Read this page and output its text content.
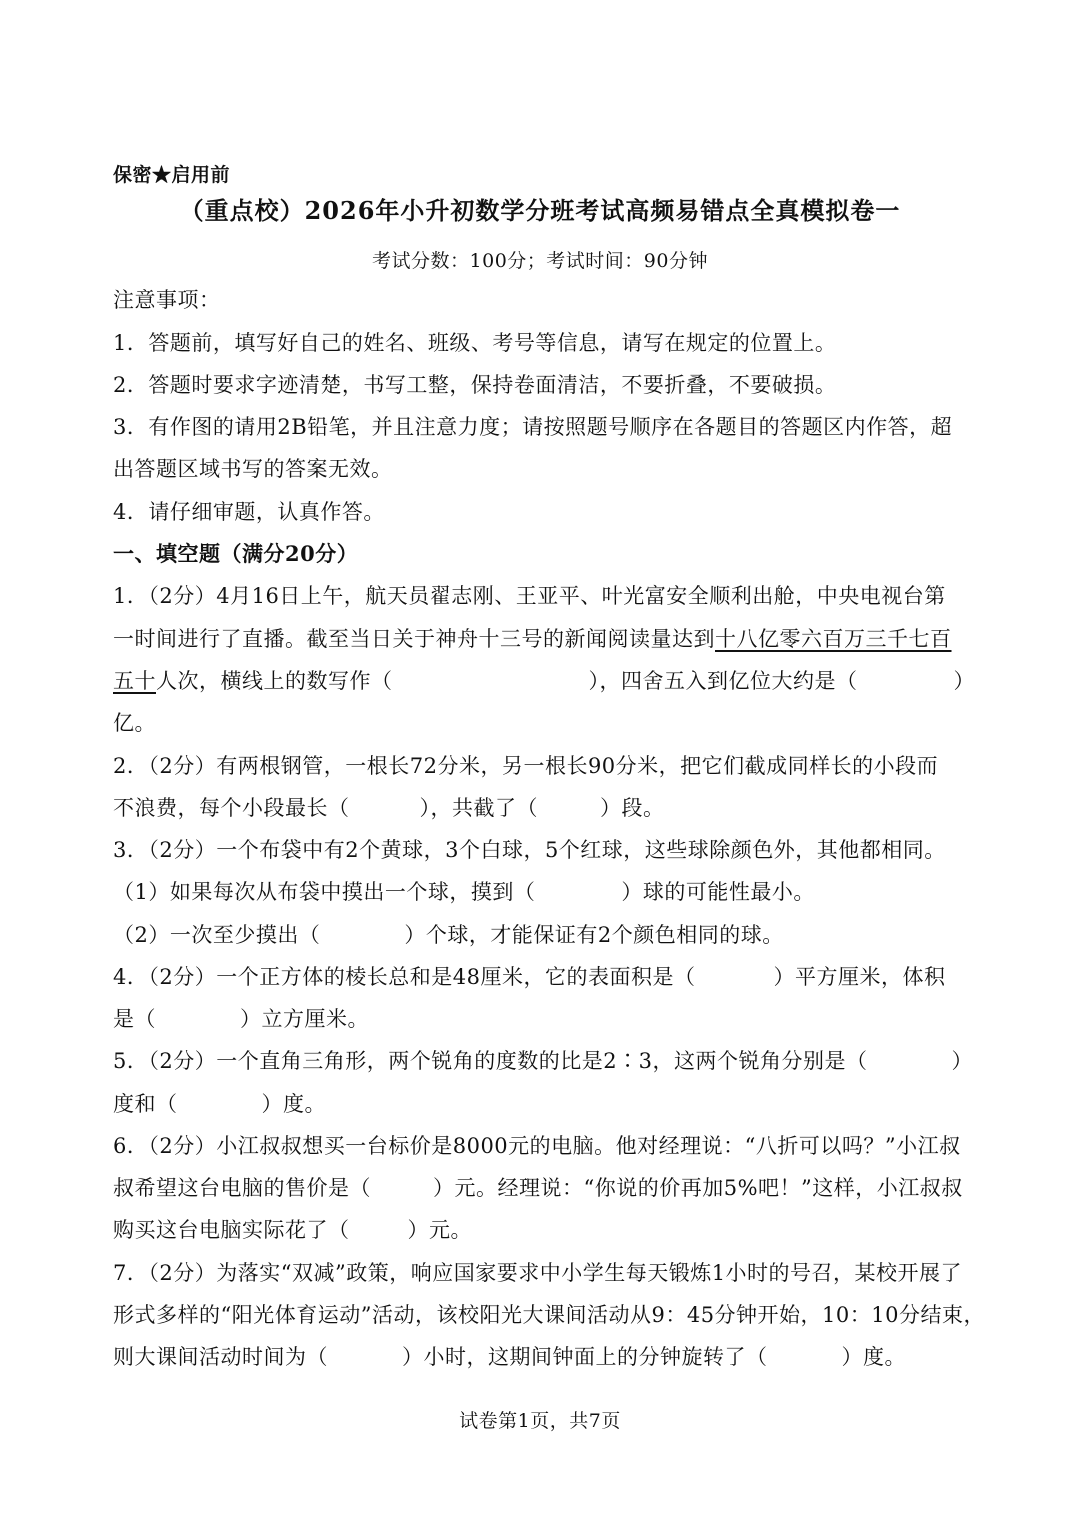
保密★启用前
（重点校）2026年小升初数学分班考试高频易错点全真模拟卷一
考试分数：100分；考试时间：90分钟
注意事项：
1．答题前，填写好自己的姓名、班级、考号等信息，请写在规定的位置上。
2．答题时要求字迹清楚，书写工整，保持卷面清洁，不要折叠，不要破损。
3．有作图的请用2B铅笔，并且注意力度；请按照题号顺序在各题目的答题区内作答，超
出答题区域书写的答案无效。
4．请仔细审题，认真作答。
一、填空题（满分20分）
1．（2分）4月16日上午，航天员翟志刚、王亚平、叶光富安全顺利出舱，中央电视台第
一时间进行了直播。截至当日关于神舟十三号的新闻阅读量达到十八亿零六百万三千七百
五十人次，横线上的数写作（	），四舍五入到亿位大约是（	）
亿。
2．（2分）有两根钢管，一根长72分米，另一根长90分米，把它们截成同样长的小段而
不浪费，每个小段最长（	），共截了（	）段。
3．（2分）一个布袋中有2个黄球，3个白球，5个红球，这些球除颜色外，其他都相同。
（1）如果每次从布袋中摸出一个球，摸到（	）球的可能性最小。
（2）一次至少摸出（	）个球，才能保证有2个颜色相同的球。
4．（2分）一个正方体的棱长总和是48厘米，它的表面积是（	）平方厘米，体积
是（	）立方厘米。
5．（2分）一个直角三角形，两个锐角的度数的比是2∶3，这两个锐角分别是（	）
度和（	）度。
6．（2分）小江叔叔想买一台标价是8000元的电脑。他对经理说：“八折可以吗？”小江叔
叔希望这台电脑的售价是（	）元。经理说：“你说的价再加5%吧！”这样，小江叔叔
购买这台电脑实际花了（	）元。
7．（2分）为落实“双减”政策，响应国家要求中小学生每天锻炼1小时的号召，某校开展了
形式多样的“阳光体育运动”活动，该校阳光大课间活动从9：45分钟开始，10：10分结束，
则大课间活动时间为（	）小时，这期间钟面上的分钟旋转了（	）度。
试卷第1页，共7页
